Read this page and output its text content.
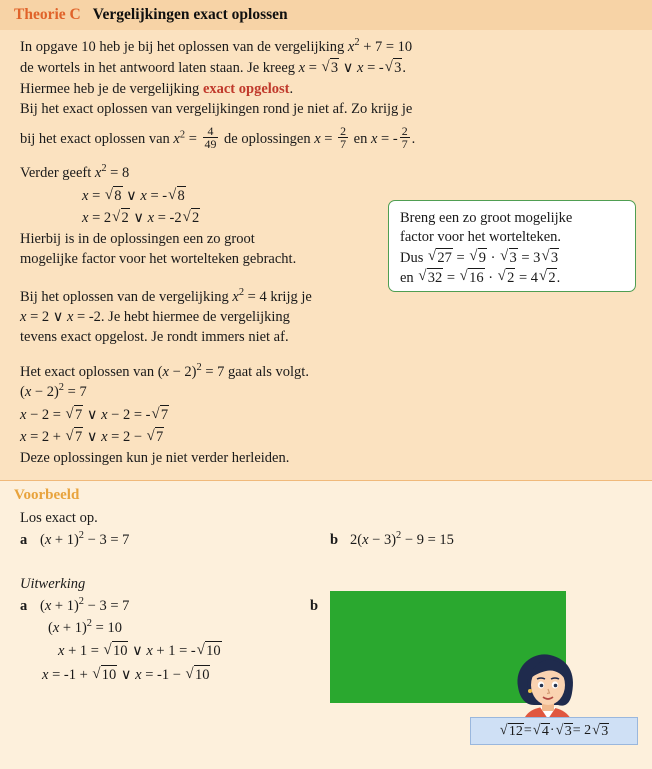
Theorie C Vergelijkingen exact oplossen
In opgave 10 heb je bij het oplossen van de vergelijking $x^2 + 7 = 10$
de wortels in het antwoord laten staan. Je kreeg x = √ 3 ∨ x = - √ 3.
Hiermee heb je de vergelijking exact opgelost.
Bij het exact oplossen van vergelijkingen rond je niet af. Zo krijg je
bij het exact oplossen van $x^2 = \frac{4}{49}$ de oplossingen $x = \frac{2}{7}$ en x = - $\frac{2}{7}$ .
Verder geeft $x^2 = 8$
x = √ 8 ∨ x = - √ 8
x = 2 √ 2 ∨ x = -2 √ 2
Hierbij is in de oplossingen een zo groot
mogelijke factor voor het wortelteken gebracht.
Bij het oplossen van de vergelijking $x^2 = 4$ krijg je
x = 2 ∨ x = -2. Je hebt hiermee de vergelijking
tevens exact opgelost. Je rondt immers niet af.
Het exact oplossen van $(x - 2)^2 = 7$ gaat als volgt.
$(x - 2)^2 = 7$
x − 2 = √ 7 ∨ x − 2 = - √ 7
x = 2 + √ 7 ∨ x = 2 − √ 7
Deze oplossingen kun je niet verder herleiden.
Breng een zo groot mogelijke
factor voor het wortelteken.
Dus √ 27 = √ 9 · √ 3 = 3 √ 3
en √ 32 = √ 16 · √ 2 = 4 √ 2.
Voorbeeld
Los exact op.
a $(x + 1)^2 - 3 = 7$	b $2(x - 3)^2 - 9 = 15$
Uitwerking
a $(x + 1)^2 - 3 = 7$
$(x + 1)^2 = 10$
x + 1 = √ 10 ∨ x + 1 = - √ 10
x = -1 + √ 10 ∨ x = -1 − √ 10
b
√ 12 = √ 4 · √ 3 = 2 √ 3
